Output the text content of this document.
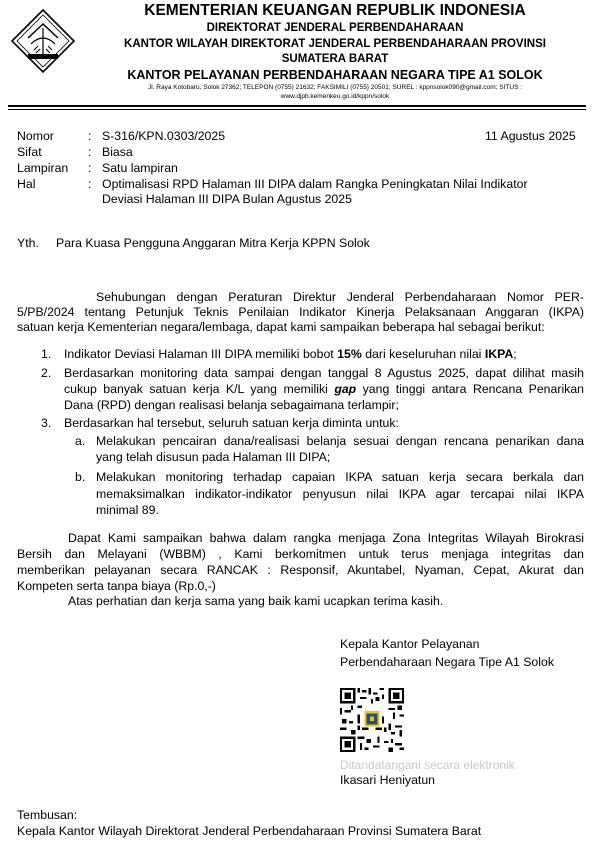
KEMENTERIAN KEUANGAN REPUBLIK INDONESIA
DIREKTORAT JENDERAL PERBENDAHARAAN
KANTOR WILAYAH DIREKTORAT JENDERAL PERBENDAHARAAN PROVINSI
SUMATERA BARAT
KANTOR PELAYANAN PERBENDAHARAAN NEGARA TIPE A1 SOLOK
Jl. Raya Kotobaru, Solok 27362; TELEPON (0755) 21632; FAKSIMILI (0755) 20501; SUREL : kppnsolok090@gmail.com; SITUS :
www.djpb.kemenkeu.go.id/kppn/solok
Nomor	: S-316/KPN.0303/2025	11 Agustus 2025
Sifat	: Biasa
Lampiran : Satu lampiran
Hal	: Optimalisasi RPD Halaman III DIPA dalam Rangka Peningkatan Nilai Indikator
Deviasi Halaman III DIPA Bulan Agustus 2025
Yth. Para Kuasa Pengguna Anggaran Mitra Kerja KPPN Solok
Sehubungan dengan Peraturan Direktur Jenderal Perbendaharaan Nomor PER-
5/PB/2024 tentang Petunjuk Teknis Penilaian Indikator Kinerja Pelaksanaan Anggaran (IKPA)
satuan kerja Kementerian negara/lembaga, dapat kami sampaikan beberapa hal sebagai berikut:
1. Indikator Deviasi Halaman III DIPA memiliki bobot 15% dari keseluruhan nilai IKPA;
2. Berdasarkan monitoring data sampai dengan tanggal 8 Agustus 2025, dapat dilihat masih
cukup banyak satuan kerja K/L yang memiliki gap yang tinggi antara Rencana Penarikan
Dana (RPD) dengan realisasi belanja sebagaimana terlampir;
3. Berdasarkan hal tersebut, seluruh satuan kerja diminta untuk:
a. Melakukan pencairan dana/realisasi belanja sesuai dengan rencana penarikan dana
yang telah disusun pada Halaman III DIPA;
b. Melakukan monitoring terhadap capaian IKPA satuan kerja secara berkala dan
memaksimalkan indikator-indikator penyusun nilai IKPA agar tercapai nilai IKPA
minimal 89.
Dapat Kami sampaikan bahwa dalam rangka menjaga Zona Integritas Wilayah Birokrasi
Bersih dan Melayani (WBBM) , Kami berkomitmen untuk terus menjaga integritas dan
memberikan pelayanan secara RANCAK : Responsif, Akuntabel, Nyaman, Cepat, Akurat dan
Kompeten serta tanpa biaya (Rp.0,-)
Atas perhatian dan kerja sama yang baik kami ucapkan terima kasih.
Kepala Kantor Pelayanan
Perbendaharaan Negara Tipe A1 Solok
Ditandatangani secara elektronik
Ikasari Heniyatun
Tembusan:
Kepala Kantor Wilayah Direktorat Jenderal Perbendaharaan Provinsi Sumatera Barat
